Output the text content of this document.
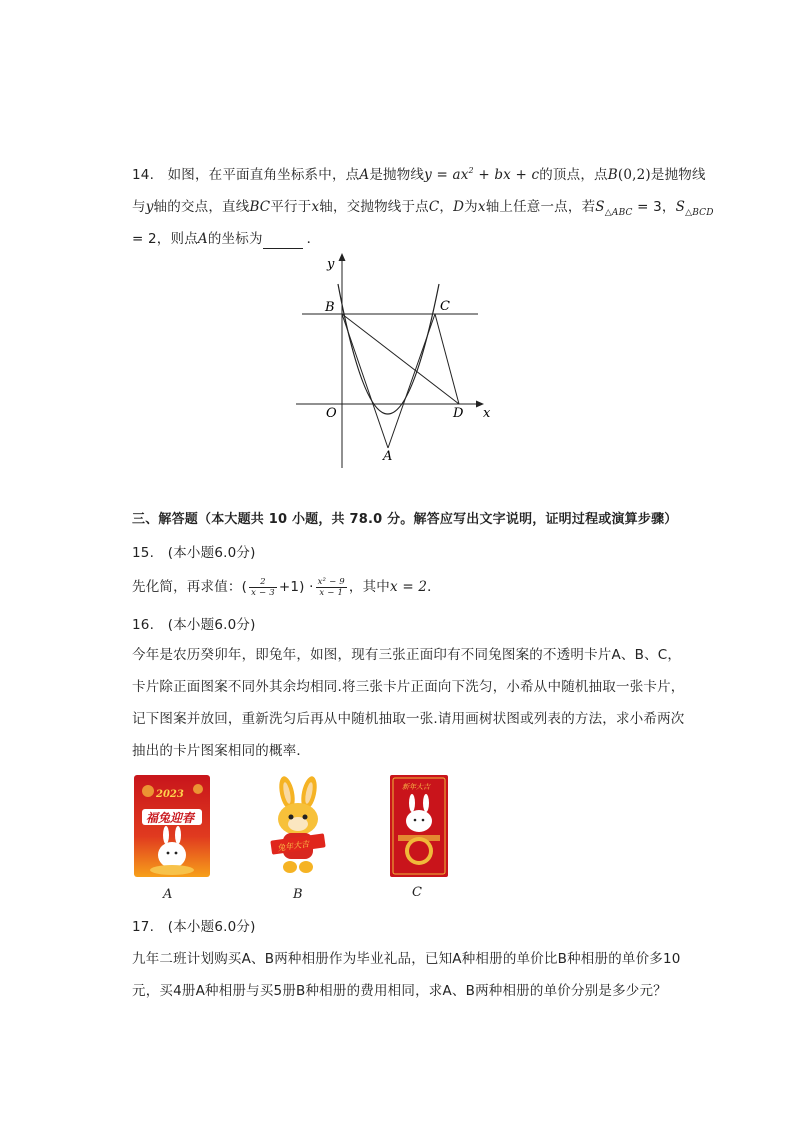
14. 如图，在平面直角坐标系中，点A是抛物线$y = ax^2$ + bx + c的顶点，点B(0,2)是抛物线
与y轴的交点，直线BC平行于x轴，交抛物线于点C，D为x轴上任意一点，若$S_{\triangle ABC} = 3$，$S_{\triangle BCD}$
= 2，则点A的坐标为	．
y
B	C
O	D x
A
三、解答题（本大题共 10 小题，共 78.0 分。解答应写出文字说明，证明过程或演算步骤）
15.　(本小题6.0分)
先化简，再求值：( $\frac{2}{x - 3} +1) \cdot \frac{\text{x² − 9}}{x - 1}$ ，其中x = 2．
16.　(本小题6.0分)
今年是农历癸卯年，即兔年，如图，现有三张正面印有不同兔图案的不透明卡片A、B、C，
卡片除正面图案不同外其余均相同.将三张卡片正面向下洗匀，小希从中随机抽取一张卡片，
记下图案并放回，重新洗匀后再从中随机抽取一张.请用画树状图或列表的方法，求小希两次
抽出的卡片图案相同的概率．
2023
福兔迎春
A
兔年大吉
B
新年大吉
C
17.　(本小题6.0分)
九年二班计划购买A、B两种相册作为毕业礼品，已知A种相册的单价比B种相册的单价多10
元，买4册A种相册与买5册B种相册的费用相同，求A、B两种相册的单价分别是多少元？
